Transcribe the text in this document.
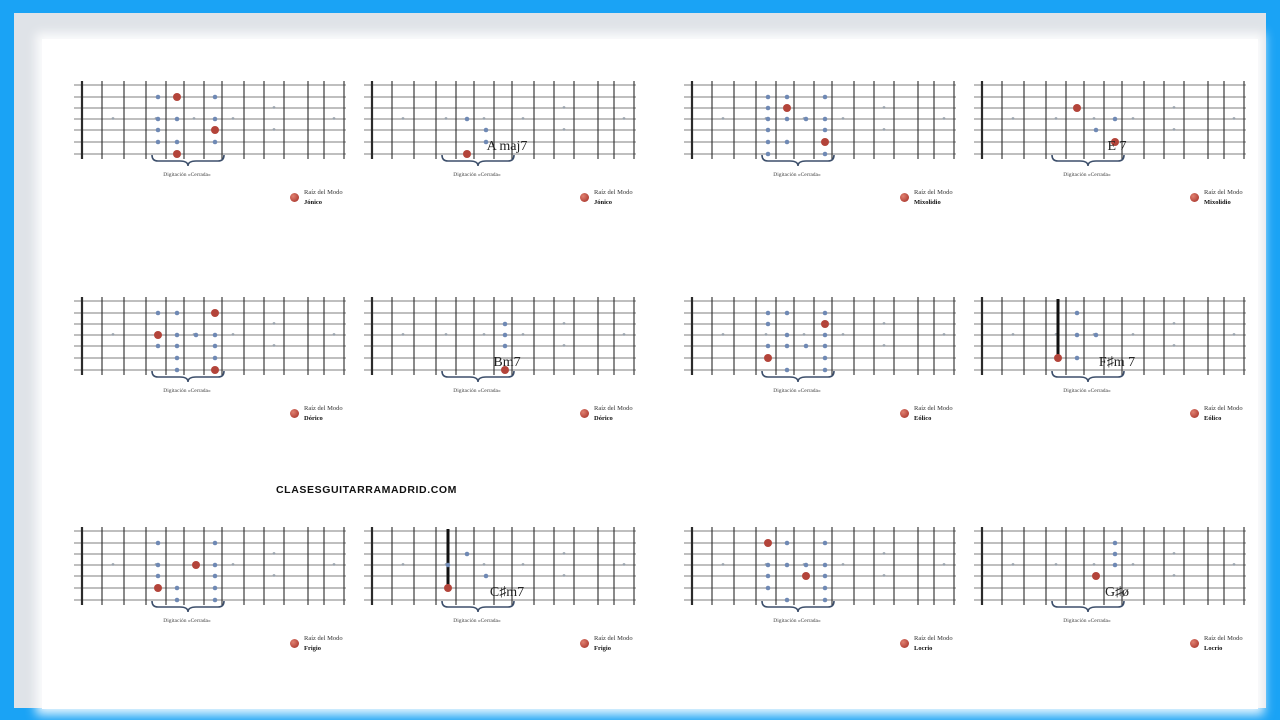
Digitación «Cerrada»
Raíz del Modo
Jónico
A maj7
Digitación «Cerrada»
Raíz del Modo
Jónico
Digitación «Cerrada»
Raíz del Modo
Mixolidio
E 7
Digitación «Cerrada»
Raíz del Modo
Mixolidio
Digitación «Cerrada»
Raíz del Modo
Dórico
Bm7
Digitación «Cerrada»
Raíz del Modo
Dórico
Digitación «Cerrada»
Raíz del Modo
Eólico
F♯m 7
Digitación «Cerrada»
Raíz del Modo
Eólico
Digitación «Cerrada»
Raíz del Modo
Frigio
C♯m7
Digitación «Cerrada»
Raíz del Modo
Frigio
Digitación «Cerrada»
Raíz del Modo
Locrio
G♯ø
Digitación «Cerrada»
Raíz del Modo
Locrio
CLASESGUITARRAMADRID.COM
